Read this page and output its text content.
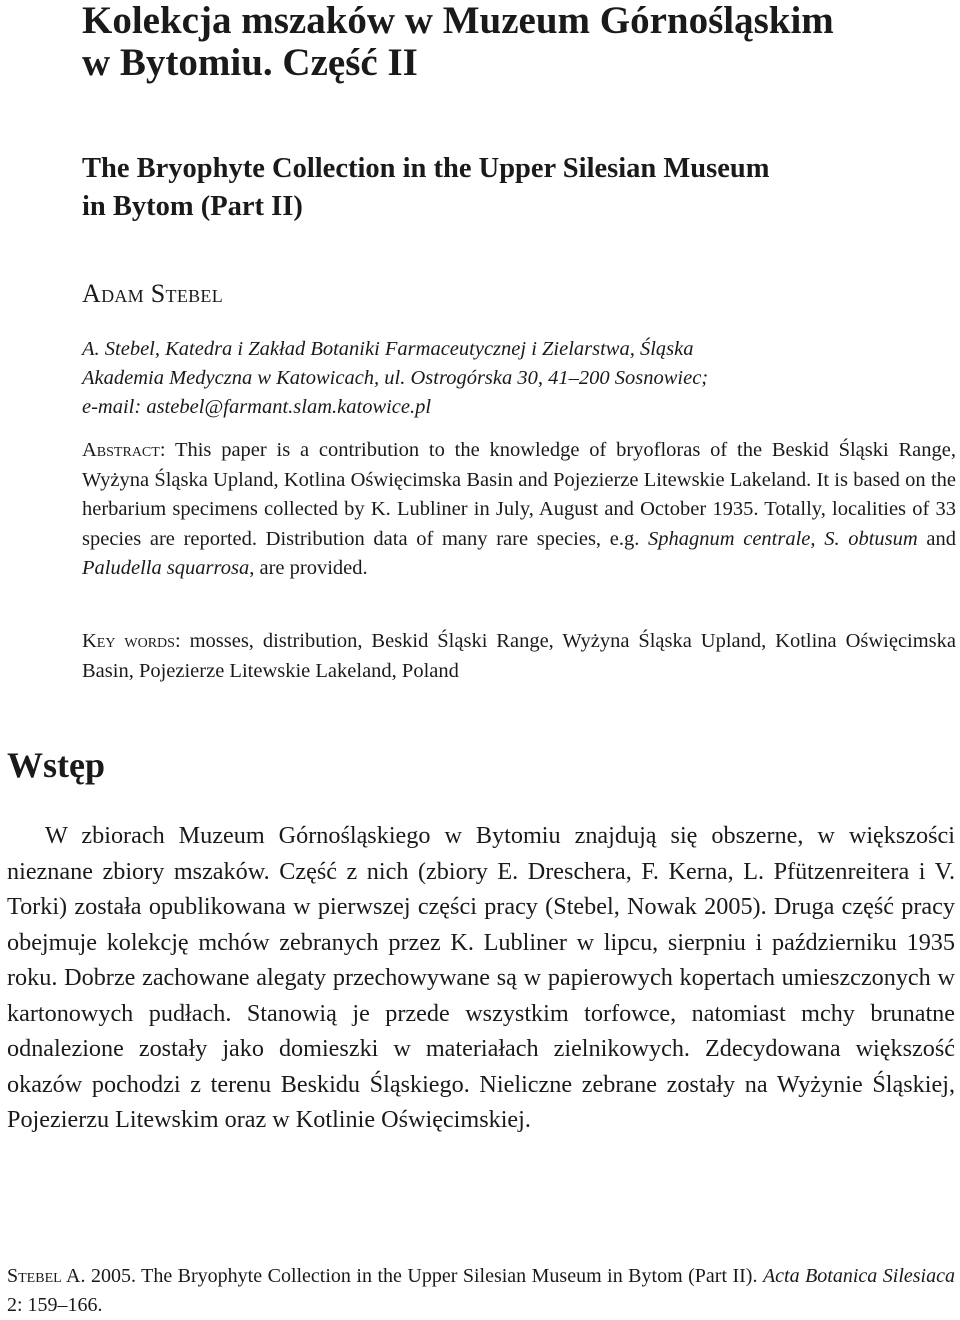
Kolekcja mszaków w Muzeum Górnośląskim
w Bytomiu. Część II
The Bryophyte Collection in the Upper Silesian Museum
in Bytom (Part II)

Adam Stebel

A. Stebel, Katedra i Zakład Botaniki Farmaceutycznej i Zielarstwa, Śląska
Akademia Medyczna w Katowicach, ul. Ostrogórska 30, 41–200 Sosnowiec;
e-mail: astebel@farmant.slam.katowice.pl

Abstract: This paper is a contribution to the knowledge of bryofloras of the Beskid Śląski Range, Wyżyna Śląska Upland, Kotlina Oświęcimska Basin and Pojezierze Litewskie Lakeland. It is based on the herbarium specimens collected by K. Lubliner in July, August and October 1935. Totally, localities of 33 species are reported. Distribution data of many rare species, e.g. Sphagnum centrale, S. obtusum and Paludella squarrosa, are provided.

Key words: mosses, distribution, Beskid Śląski Range, Wyżyna Śląska Upland, Kotlina Oświęcimska Basin, Pojezierze Litewskie Lakeland, Poland

Wstęp

W zbiorach Muzeum Górnośląskiego w Bytomiu znajdują się obszerne, w większości nieznane zbiory mszaków. Część z nich (zbiory E. Dreschera, F. Kerna, L. Pfützenreitera i V. Torki) została opublikowana w pierwszej części pracy (Stebel, Nowak 2005). Druga część pracy obejmuje kolekcję mchów zebranych przez K. Lubliner w lipcu, sierpniu i październiku 1935 roku. Dobrze zachowane alegaty przechowywane są w papierowych kopertach umieszczonych w kartonowych pudłach. Stanowią je przede wszystkim torfowce, natomiast mchy brunatne odnalezione zostały jako domieszki w materiałach zielnikowych. Zdecydowana większość okazów pochodzi z terenu Beskidu Śląskiego. Nieliczne zebrane zostały na Wyżynie Śląskiej, Pojezierzu Litewskim oraz w Kotlinie Oświęcimskiej.

Stebel A. 2005. The Bryophyte Collection in the Upper Silesian Museum in Bytom (Part II). Acta Botanica Silesiaca 2: 159–166.
